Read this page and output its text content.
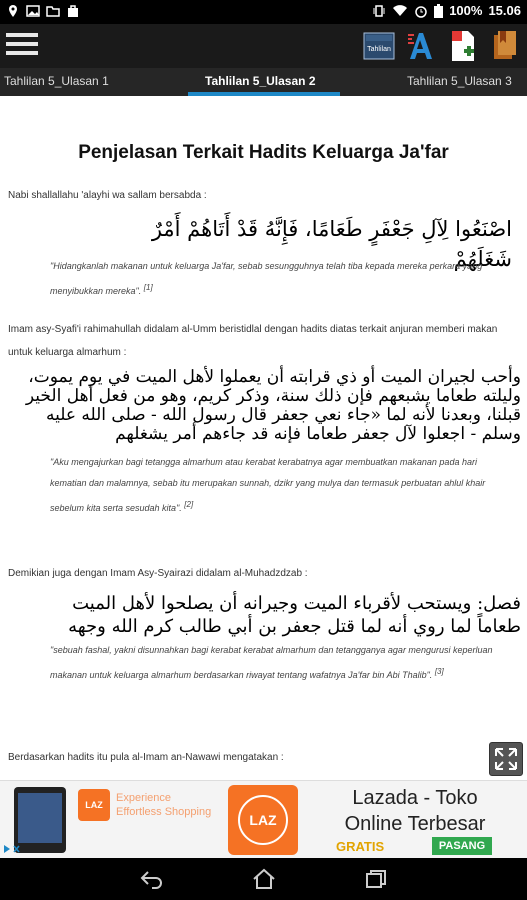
100% 15.06
Tahlilan
Tahlilan 5_Ulasan 1	Tahlilan 5_Ulasan 2	Tahlilan 5_Ulasan 3
Penjelasan Terkait Hadits Keluarga Ja'far
Nabi shallallahu 'alayhi wa sallam bersabda :
اصْنَعُوا لِآلِ جَعْفَرٍ طَعَامًا، فَإِنَّهُ قَدْ أَتَاهُمْ أَمْرٌ شَغَلَهُمْ
"Hidangkanlah makanan untuk keluarga Ja'far, sebab sesungguhnya telah tiba kepada mereka perkara yang menyibukkan mereka". [1]
Imam asy-Syafi'i rahimahullah didalam al-Umm beristidlal dengan hadits diatas terkait anjuran memberi makan untuk keluarga almarhum :
وأحب لجيران الميت أو ذي قرابته أن يعملوا لأهل الميت في يوم يموت، وليلته طعاما يشبعهم فإن ذلك سنة، وذكر كريم، وهو من فعل أهل الخير قبلنا، وبعدنا لأنه لما «جاء نعي جعفر قال رسول الله - صلى الله عليه وسلم - اجعلوا لآل جعفر طعاما فإنه قد جاءهم أمر يشغلهم
"Aku mengajurkan bagi tetangga almarhum atau kerabat kerabatnya agar membuatkan makanan pada hari kematian dan malamnya, sebab itu merupakan sunnah, dzikr yang mulya dan termasuk perbuatan ahlul khair sebelum kita serta sesudah kita". [2]
Demikian juga dengan Imam Asy-Syairazi didalam al-Muhadzdzab :
فصل: ويستحب لأقرباء الميت وجيرانه أن يصلحوا لأهل الميت طعاماً لما روي أنه لما قتل جعفر بن أبي طالب كرم الله وجهه
"sebuah fashal, yakni disunnahkan bagi kerabat kerabat almarhum dan tetangganya agar mengurusi keperluan makanan untuk keluarga almarhum berdasarkan riwayat tentang wafatnya Ja'far bin Abi Thalib". [3]
Berdasarkan hadits itu pula al-Imam an-Nawawi mengatakan :
LAZ
Experience
Effortless Shopping	LAZ
Lazada - Toko
Online Terbesar
GRATIS	PASANG
